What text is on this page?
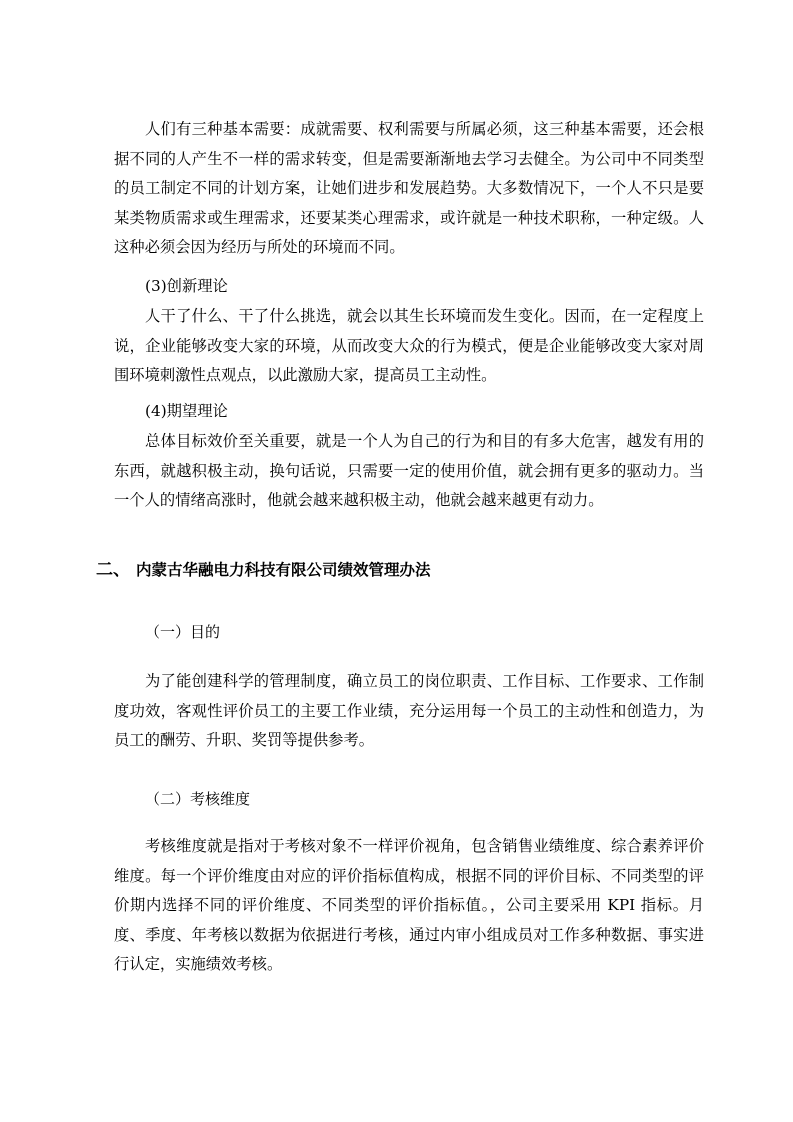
人们有三种基本需要：成就需要、权利需要与所属必须，这三种基本需要，还会根据不同的人产生不一样的需求转变，但是需要渐渐地去学习去健全。为公司中不同类型的员工制定不同的计划方案，让她们进步和发展趋势。大多数情况下，一个人不只是要某类物质需求或生理需求，还要某类心理需求，或许就是一种技术职称，一种定级。人这种必须会因为经历与所处的环境而不同。

(3)创新理论

人干了什么、干了什么挑选，就会以其生长环境而发生变化。因而，在一定程度上说，企业能够改变大家的环境，从而改变大众的行为模式，便是企业能够改变大家对周围环境刺激性点观点，以此激励大家，提高员工主动性。

(4)期望理论

总体目标效价至关重要，就是一个人为自己的行为和目的有多大危害，越发有用的东西，就越积极主动，换句话说，只需要一定的使用价值，就会拥有更多的驱动力。当一个人的情绪高涨时，他就会越来越积极主动，他就会越来越更有动力。

二、 内蒙古华融电力科技有限公司绩效管理办法

（一）目的

为了能创建科学的管理制度，确立员工的岗位职责、工作目标、工作要求、工作制度功效，客观性评价员工的主要工作业绩，充分运用每一个员工的主动性和创造力，为员工的酬劳、升职、奖罚等提供参考。

（二）考核维度

考核维度就是指对于考核对象不一样评价视角，包含销售业绩维度、综合素养评价维度。每一个评价维度由对应的评价指标值构成，根据不同的评价目标、不同类型的评价期内选择不同的评价维度、不同类型的评价指标值。，公司主要采用 KPI 指标。月度、季度、年考核以数据为依据进行考核，通过内审小组成员对工作多种数据、事实进行认定，实施绩效考核。
